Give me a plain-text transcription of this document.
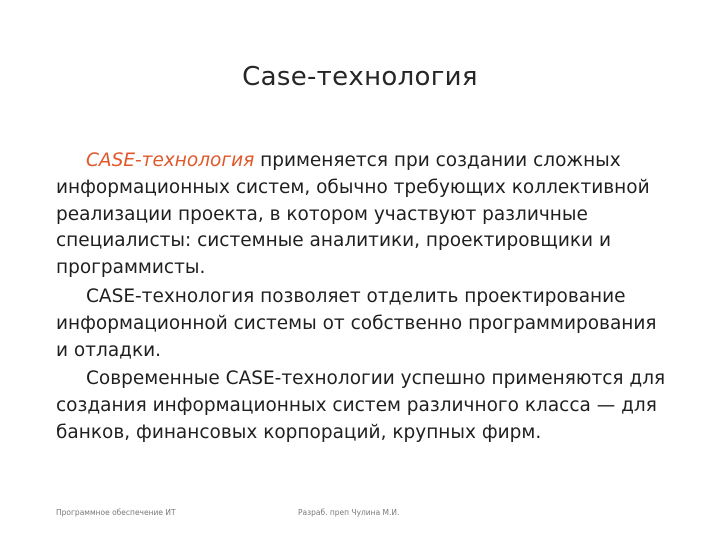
Case-технология

CASE-технология применяется при создании сложных информационных систем, обычно требующих коллективной реализации проекта, в котором участвуют различные специалисты: системные аналитики, проектировщики и программисты.

CASE-технология позволяет отделить проектирование информационной системы от собственно программирования и отладки.

Современные CASE-технологии успешно применяются для создания информационных систем различного класса — для банков, финансовых корпораций, крупных фирм.

Программное обеспечение ИТ	Разраб. преп Чулина М.И.
